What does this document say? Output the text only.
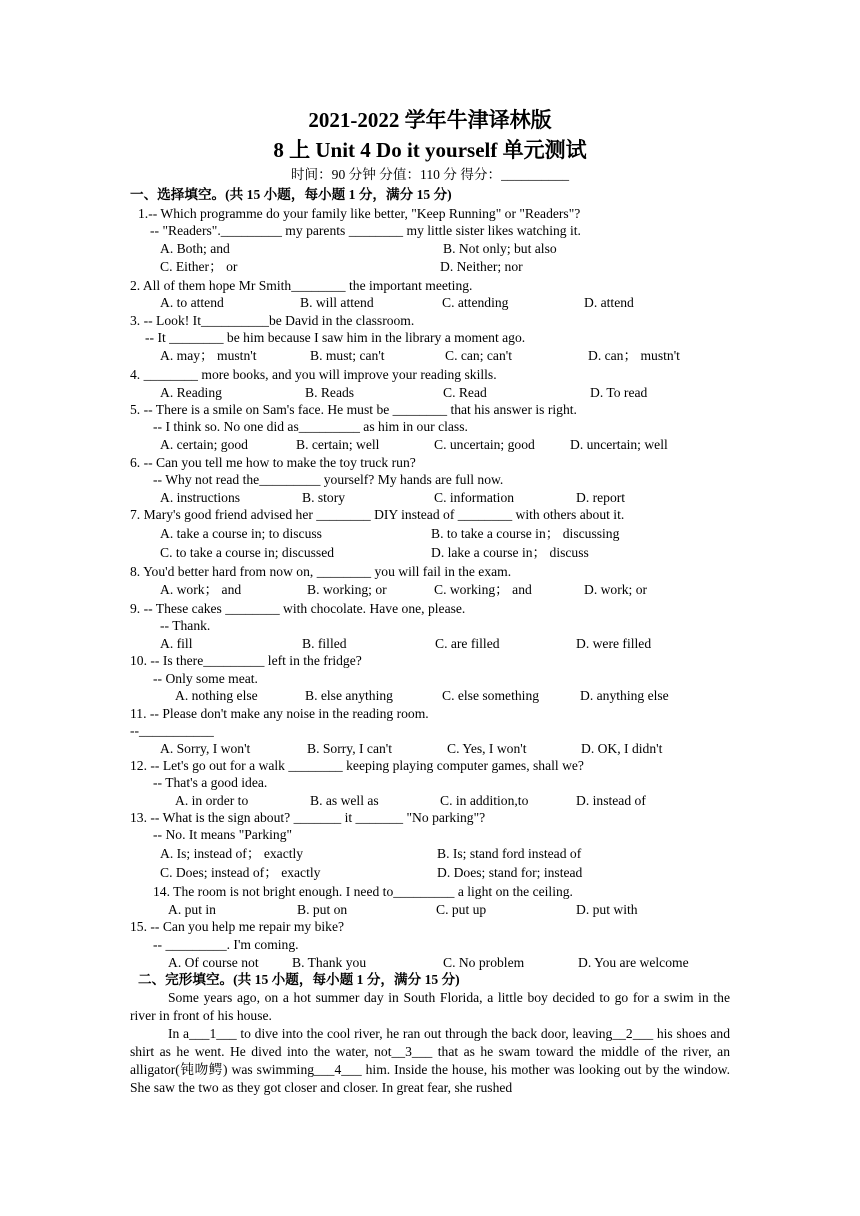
2021-2022 学年牛津译林版
8 上 Unit 4 Do it yourself 单元测试
时间：90 分钟 分值：110 分 得分：__________
一、选择填空。(共 15 小题，每小题 1 分，满分 15 分)
1.-- Which programme do your family like better, "Keep Running" or "Readers"?
-- "Readers"._________ my parents ________ my little sister likes watching it.
A. Both; and	B. Not only; but also
C. Either； or	D. Neither; nor
2. All of them hope Mr Smith________ the important meeting.
A. to attend	B. will attend	C. attending	D. attend
3. -- Look! It__________be David in the classroom.
-- It ________ be him because I saw him in the library a moment ago.
A. may； mustn't	B. must; can't	C. can; can't	D. can； mustn't
4. ________ more books, and you will improve your reading skills.
A. Reading	B. Reads	C. Read	D. To read
5. -- There is a smile on Sam's face. He must be ________ that his answer is right.
-- I think so. No one did as_________ as him in our class.
A. certain; good	B. certain; well	C. uncertain; good	D. uncertain; well
6. -- Can you tell me how to make the toy truck run?
-- Why not read the_________ yourself? My hands are full now.
A. instructions	B. story	C. information	D. report
7. Mary's good friend advised her ________ DIY instead of ________ with others about it.
A. take a course in; to discuss	B. to take a course in； discussing
C. to take a course in; discussed	D. lake a course in； discuss
8. You'd better hard from now on, ________ you will fail in the exam.
A. work； and	B. working; or	C. working； and	D. work; or
9. -- These cakes ________ with chocolate. Have one, please.
-- Thank.
A. fill	B. filled	C. are filled	D. were filled
10. -- Is there_________ left in the fridge?
-- Only some meat.
A. nothing else	B. else anything	C. else something	D. anything else
11. -- Please don't make any noise in the reading room.
--___________
A. Sorry, I won't	B. Sorry, I can't	C. Yes, I won't	D. OK, I didn't
12. -- Let's go out for a walk ________ keeping playing computer games, shall we?
-- That's a good idea.
A. in order to	B. as well as	C. in addition,to	D. instead of
13. -- What is the sign about? _______ it _______ "No parking"?
-- No. It means "Parking"
A. Is; instead of； exactly	B. Is; stand ford instead of
C. Does; instead of； exactly	D. Does; stand for; instead
14. The room is not bright enough. I need to_________ a light on the ceiling.
A. put in	B. put on	C. put up	D. put with
15. -- Can you help me repair my bike?
-- _________. I'm coming.
A. Of course not B. Thank you	C. No problem	D. You are welcome
二、完形填空。(共 15 小题，每小题 1 分，满分 15 分)

Some years ago, on a hot summer day in South Florida, a little boy decided to go for a swim in the river in front of his house.

In a___1___ to dive into the cool river, he ran out through the back door, leaving__2___ his shoes and shirt as he went. He dived into the water, not__3___ that as he swam toward the middle of the river, an alligator(钝吻鳄) was swimming___4___ him. Inside the house, his mother was looking out by the window. She saw the two as they got closer and closer. In great fear, she rushed
